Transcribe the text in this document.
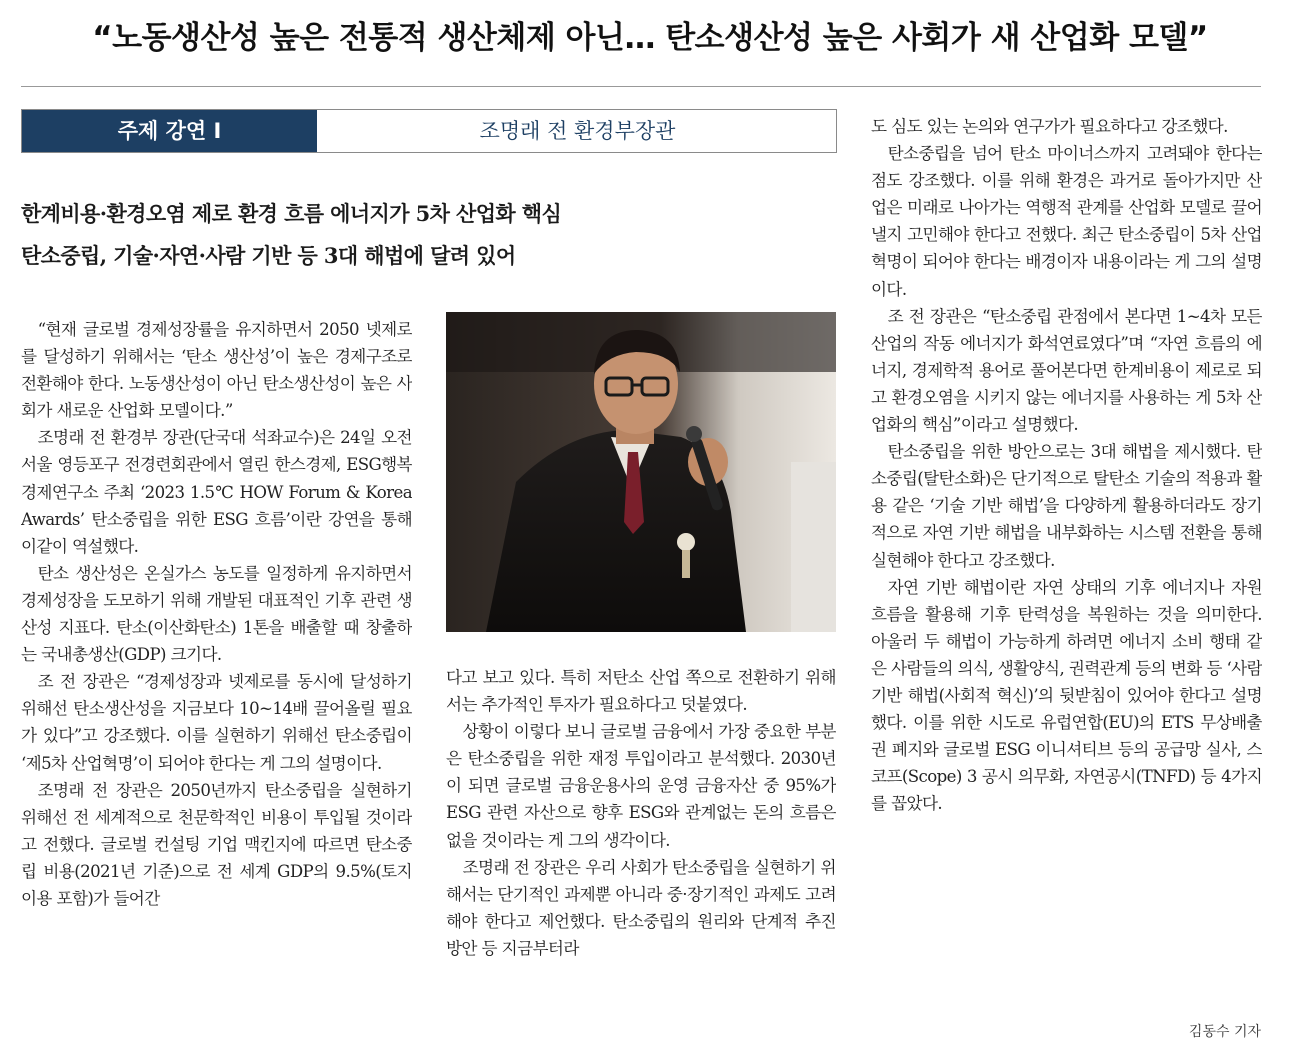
“노동생산성 높은 전통적 생산체제 아닌… 탄소생산성 높은 사회가 새 산업화 모델”
주제 강연 Ⅰ	조명래 전 환경부장관
한계비용·환경오염 제로 환경 흐름 에너지가 5차 산업화 핵심
탄소중립, 기술·자연·사람 기반 등 3대 해법에 달려 있어

“현재 글로벌 경제성장률을 유지하면서 2050 넷제로를 달성하기 위해서는 ‘탄소 생산성’이 높은 경제구조로 전환해야 한다. 노동생산성이 아닌 탄소생산성이 높은 사회가 새로운 산업화 모델이다.”

조명래 전 환경부 장관(단국대 석좌교수)은 24일 오전 서울 영등포구 전경련회관에서 열린 한스경제, ESG행복경제연구소 주최 ‘2023 1.5℃ HOW Forum & Korea Awards’ 탄소중립을 위한 ESG 흐름’이란 강연을 통해 이같이 역설했다.

탄소 생산성은 온실가스 농도를 일정하게 유지하면서 경제성장을 도모하기 위해 개발된 대표적인 기후 관련 생산성 지표다. 탄소(이산화탄소) 1톤을 배출할 때 창출하는 국내총생산(GDP) 크기다.

조 전 장관은 “경제성장과 넷제로를 동시에 달성하기 위해선 탄소생산성을 지금보다 10~14배 끌어올릴 필요가 있다”고 강조했다. 이를 실현하기 위해선 탄소중립이 ‘제5차 산업혁명’이 되어야 한다는 게 그의 설명이다.

조명래 전 장관은 2050년까지 탄소중립을 실현하기 위해선 전 세계적으로 천문학적인 비용이 투입될 것이라고 전했다. 글로벌 컨설팅 기업 맥킨지에 따르면 탄소중립 비용(2021년 기준)으로 전 세계 GDP의 9.5%(토지 이용 포함)가 들어간

다고 보고 있다. 특히 저탄소 산업 쪽으로 전환하기 위해서는 추가적인 투자가 필요하다고 덧붙였다.

상황이 이렇다 보니 글로벌 금융에서 가장 중요한 부분은 탄소중립을 위한 재정 투입이라고 분석했다. 2030년이 되면 글로벌 금융운용사의 운영 금융자산 중 95%가 ESG 관련 자산으로 향후 ESG와 관계없는 돈의 흐름은 없을 것이라는 게 그의 생각이다.

조명래 전 장관은 우리 사회가 탄소중립을 실현하기 위해서는 단기적인 과제뿐 아니라 중·장기적인 과제도 고려해야 한다고 제언했다. 탄소중립의 원리와 단계적 추진 방안 등 지금부터라

도 심도 있는 논의와 연구가가 필요하다고 강조했다.

탄소중립을 넘어 탄소 마이너스까지 고려돼야 한다는 점도 강조했다. 이를 위해 환경은 과거로 돌아가지만 산업은 미래로 나아가는 역행적 관계를 산업화 모델로 끌어낼지 고민해야 한다고 전했다. 최근 탄소중립이 5차 산업혁명이 되어야 한다는 배경이자 내용이라는 게 그의 설명이다.

조 전 장관은 “탄소중립 관점에서 본다면 1~4차 모든 산업의 작동 에너지가 화석연료였다”며 “자연 흐름의 에너지, 경제학적 용어로 풀어본다면 한계비용이 제로로 되고 환경오염을 시키지 않는 에너지를 사용하는 게 5차 산업화의 핵심”이라고 설명했다.

탄소중립을 위한 방안으로는 3대 해법을 제시했다. 탄소중립(탈탄소화)은 단기적으로 탈탄소 기술의 적용과 활용 같은 ‘기술 기반 해법’을 다양하게 활용하더라도 장기적으로 자연 기반 해법을 내부화하는 시스템 전환을 통해 실현해야 한다고 강조했다.

자연 기반 해법이란 자연 상태의 기후 에너지나 자원 흐름을 활용해 기후 탄력성을 복원하는 것을 의미한다. 아울러 두 해법이 가능하게 하려면 에너지 소비 행태 같은 사람들의 의식, 생활양식, 권력관계 등의 변화 등 ‘사람 기반 해법(사회적 혁신)’의 뒷받침이 있어야 한다고 설명했다. 이를 위한 시도로 유럽연합(EU)의 ETS 무상배출권 폐지와 글로벌 ESG 이니셔티브 등의 공급망 실사, 스코프(Scope) 3 공시 의무화, 자연공시(TNFD) 등 4가지를 꼽았다.

김동수 기자
